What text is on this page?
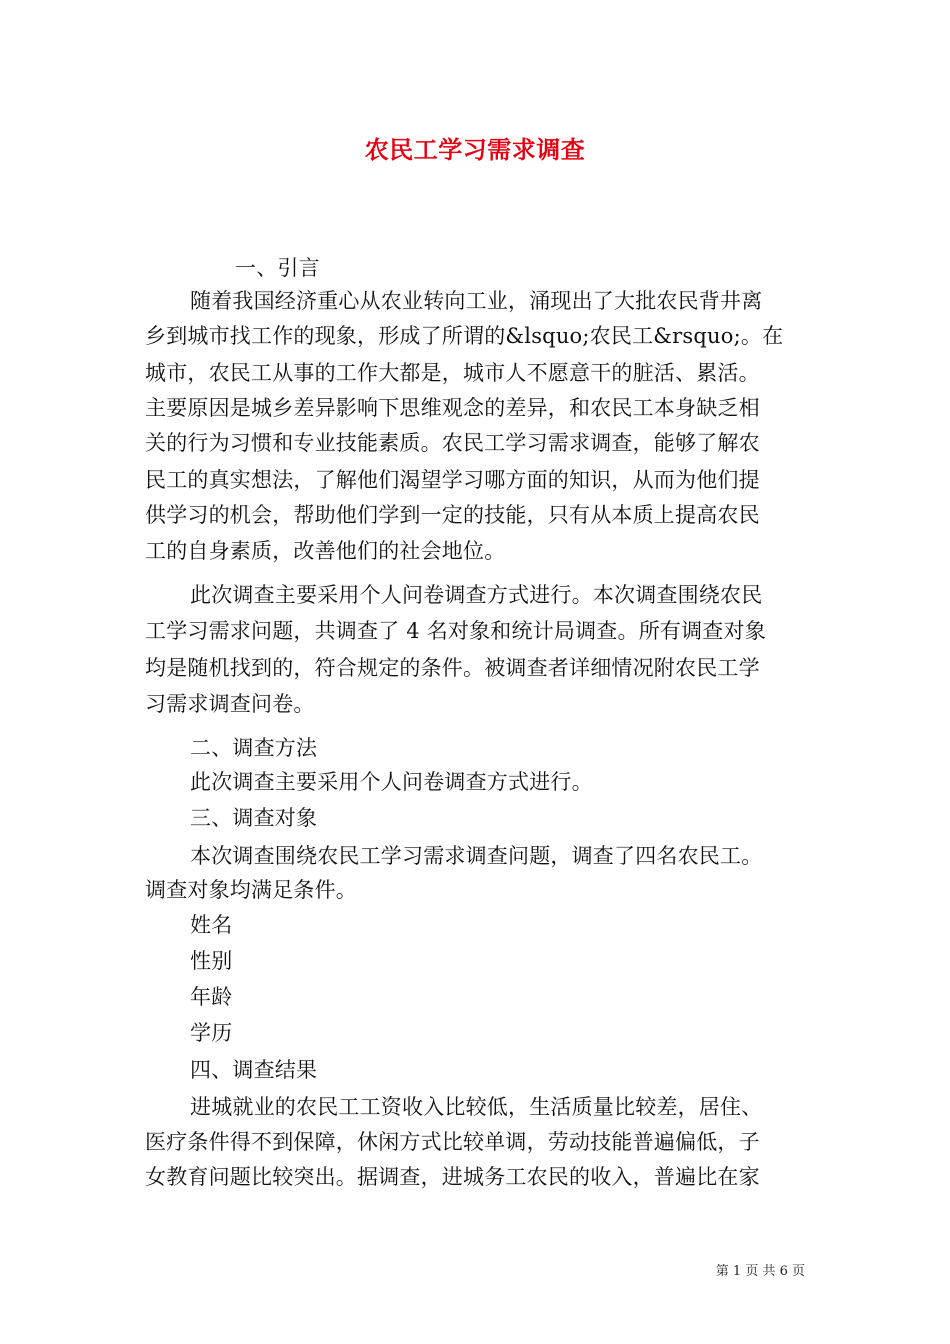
农民工学习需求调查
一、引言
随着我国经济重心从农业转向工业，涌现出了大批农民背井离
乡到城市找工作的现象，形成了所谓的&lsquo;农民工&rsquo;。在
城市，农民工从事的工作大都是，城市人不愿意干的脏活、累活。
主要原因是城乡差异影响下思维观念的差异，和农民工本身缺乏相
关的行为习惯和专业技能素质。农民工学习需求调查，能够了解农
民工的真实想法，了解他们渴望学习哪方面的知识，从而为他们提
供学习的机会，帮助他们学到一定的技能，只有从本质上提高农民
工的自身素质，改善他们的社会地位。
此次调查主要采用个人问卷调查方式进行。本次调查围绕农民
工学习需求问题，共调查了 4 名对象和统计局调查。所有调查对象
均是随机找到的，符合规定的条件。被调查者详细情况附农民工学
习需求调查问卷。
二、调查方法
此次调查主要采用个人问卷调查方式进行。
三、调查对象
本次调查围绕农民工学习需求调查问题，调查了四名农民工。
调查对象均满足条件。
姓名
性别
年龄
学历
四、调查结果
进城就业的农民工工资收入比较低，生活质量比较差，居住、
医疗条件得不到保障，休闲方式比较单调，劳动技能普遍偏低，子
女教育问题比较突出。据调查，进城务工农民的收入，普遍比在家
第 1 页 共 6 页
